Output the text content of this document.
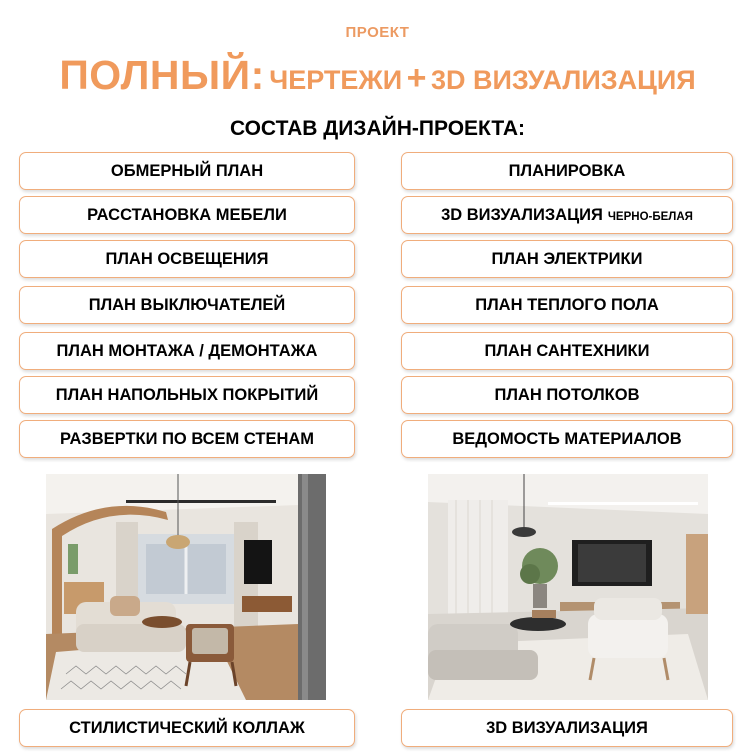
ПРОЕКТ
ПОЛНЫЙ: ЧЕРТЕЖИ + 3D ВИЗУАЛИЗАЦИЯ
СОСТАВ ДИЗАЙН-ПРОЕКТА:
ОБМЕРНЫЙ ПЛАН
РАССТАНОВКА МЕБЕЛИ
ПЛАН ОСВЕЩЕНИЯ
ПЛАН ВЫКЛЮЧАТЕЛЕЙ
ПЛАН МОНТАЖА / ДЕМОНТАЖА
ПЛАН НАПОЛЬНЫХ ПОКРЫТИЙ
РАЗВЕРТКИ ПО ВСЕМ СТЕНАМ
ПЛАНИРОВКА
3D ВИЗУАЛИЗАЦИЯ ЧЕРНО-БЕЛАЯ
ПЛАН ЭЛЕКТРИКИ
ПЛАН ТЕПЛОГО ПОЛА
ПЛАН САНТЕХНИКИ
ПЛАН ПОТОЛКОВ
ВЕДОМОСТЬ МАТЕРИАЛОВ
СТИЛИСТИЧЕСКИЙ КОЛЛАЖ	3D ВИЗУАЛИЗАЦИЯ
